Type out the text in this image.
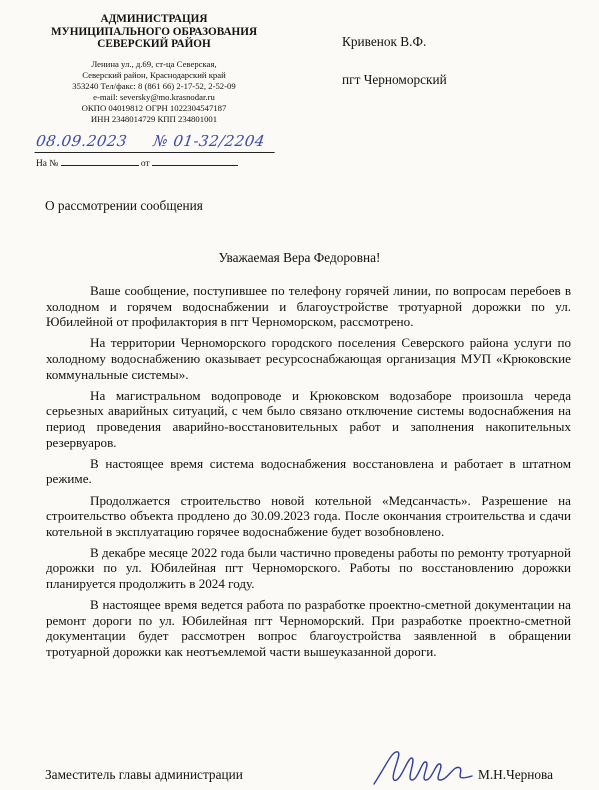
АДМИНИСТРАЦИЯ
МУНИЦИПАЛЬНОГО ОБРАЗОВАНИЯ
СЕВЕРСКИЙ РАЙОН
Ленина ул., д.69, ст-ца Северская,
Северский район, Краснодарский край
353240 Тел/факс: 8 (861 66) 2-17-52, 2-52-09
e-mail: seversky@mo.krasnodar.ru
ОКПО 04019812 ОГРН 1022304547187
ИНН 2348014729 КПП 234801001
08.09.2023 № 01-32/2204
На №	от
Кривенок В.Ф.
пгт Черноморский
О рассмотрении сообщения
Уважаемая Вера Федоровна!

Ваше сообщение, поступившее по телефону горячей линии, по вопросам перебоев в холодном и горячем водоснабжении и благоустройстве тротуарной дорожки по ул. Юбилейной от профилактория в пгт Черноморском, рассмотрено.

На территории Черноморского городского поселения Северского района услуги по холодному водоснабжению оказывает ресурсоснабжающая организация МУП «Крюковские коммунальные системы».

На магистральном водопроводе и Крюковском водозаборе произошла череда серьезных аварийных ситуаций, с чем было связано отключение системы водоснабжения на период проведения аварийно-восстановительных работ и заполнения накопительных резервуаров.

В настоящее время система водоснабжения восстановлена и работает в штатном режиме.

Продолжается строительство новой котельной «Медсанчасть». Разрешение на строительство объекта продлено до 30.09.2023 года. После окончания строительства и сдачи котельной в эксплуатацию горячее водоснабжение будет возобновлено.

В декабре месяце 2022 года были частично проведены работы по ремонту тротуарной дорожки по ул. Юбилейная пгт Черноморского. Работы по восстановлению дорожки планируется продолжить в 2024 году.

В настоящее время ведется работа по разработке проектно-сметной документации на ремонт дороги по ул. Юбилейная пгт Черноморский. При разработке проектно-сметной документации будет рассмотрен вопрос благоустройства заявленной в обращении тротуарной дорожки как неотъемлемой части вышеуказанной дороги.

Заместитель главы администрации	М.Н.Чернова
